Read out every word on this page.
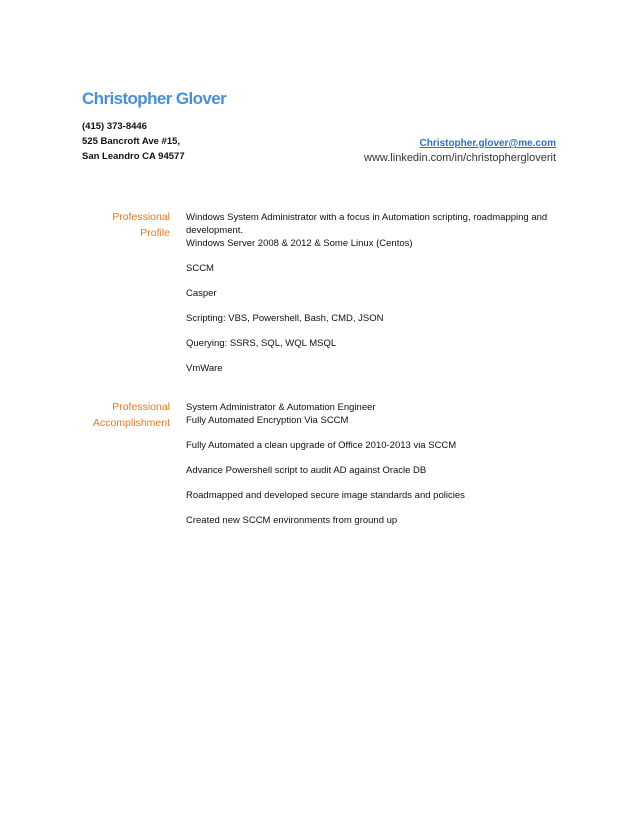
Christopher Glover
(415) 373-8446
525 Bancroft Ave #15,
San Leandro CA 94577
Christopher.glover@me.com
www.linkedin.com/in/christophergloverit
Professional
Profile
Windows System Administrator with a focus in Automation scripting, roadmapping and development.
Windows Server 2008 & 2012 & Some Linux (Centos)
SCCM
Casper
Scripting: VBS, Powershell, Bash, CMD, JSON
Querying: SSRS, SQL, WQL MSQL
VmWare
Professional
Accomplishment
System Administrator & Automation Engineer
Fully Automated Encryption Via SCCM
Fully Automated a clean upgrade of Office 2010-2013 via SCCM
Advance Powershell script to audit AD against Oracle DB
Roadmapped and developed secure image standards and policies
Created new SCCM environments from ground up
